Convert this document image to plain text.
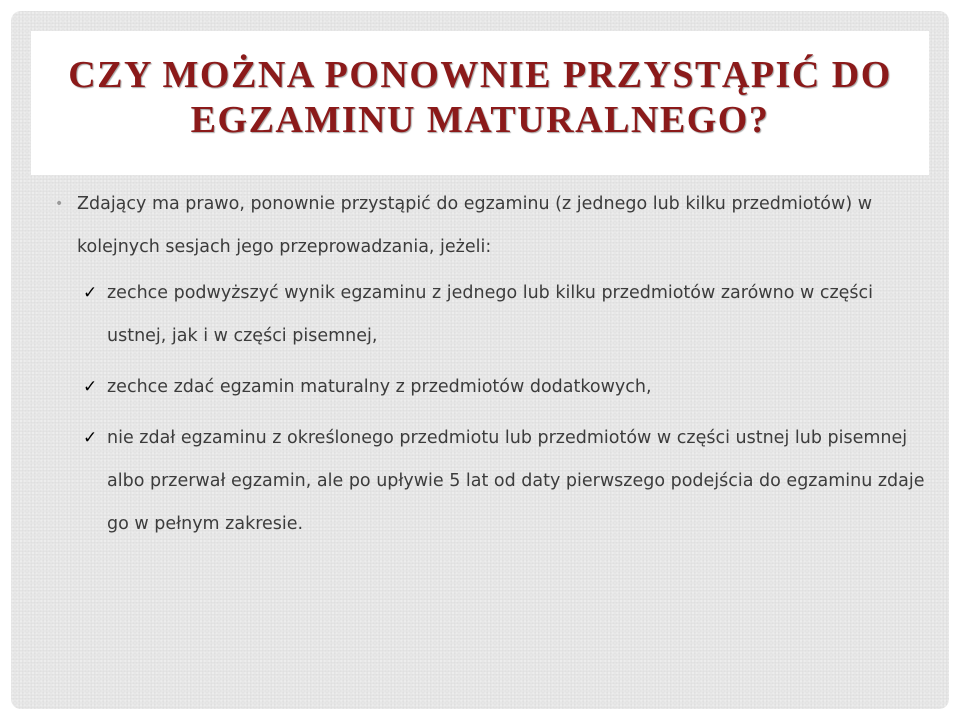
CZY MOŻNA PONOWNIE PRZYSTĄPIĆ DO
EGZAMINU MATURALNEGO?
• Zdający ma prawo, ponownie przystąpić do egzaminu (z jednego lub kilku przedmiotów) w kolejnych sesjach jego przeprowadzania, jeżeli:
✓ zechce podwyższyć wynik egzaminu z jednego lub kilku przedmiotów zarówno w części ustnej, jak i w części pisemnej,
✓ zechce zdać egzamin maturalny z przedmiotów dodatkowych,
✓ nie zdał egzaminu z określonego przedmiotu lub przedmiotów w części ustnej lub pisemnej albo przerwał egzamin, ale po upływie 5 lat od daty pierwszego podejścia do egzaminu zdaje go w pełnym zakresie.
